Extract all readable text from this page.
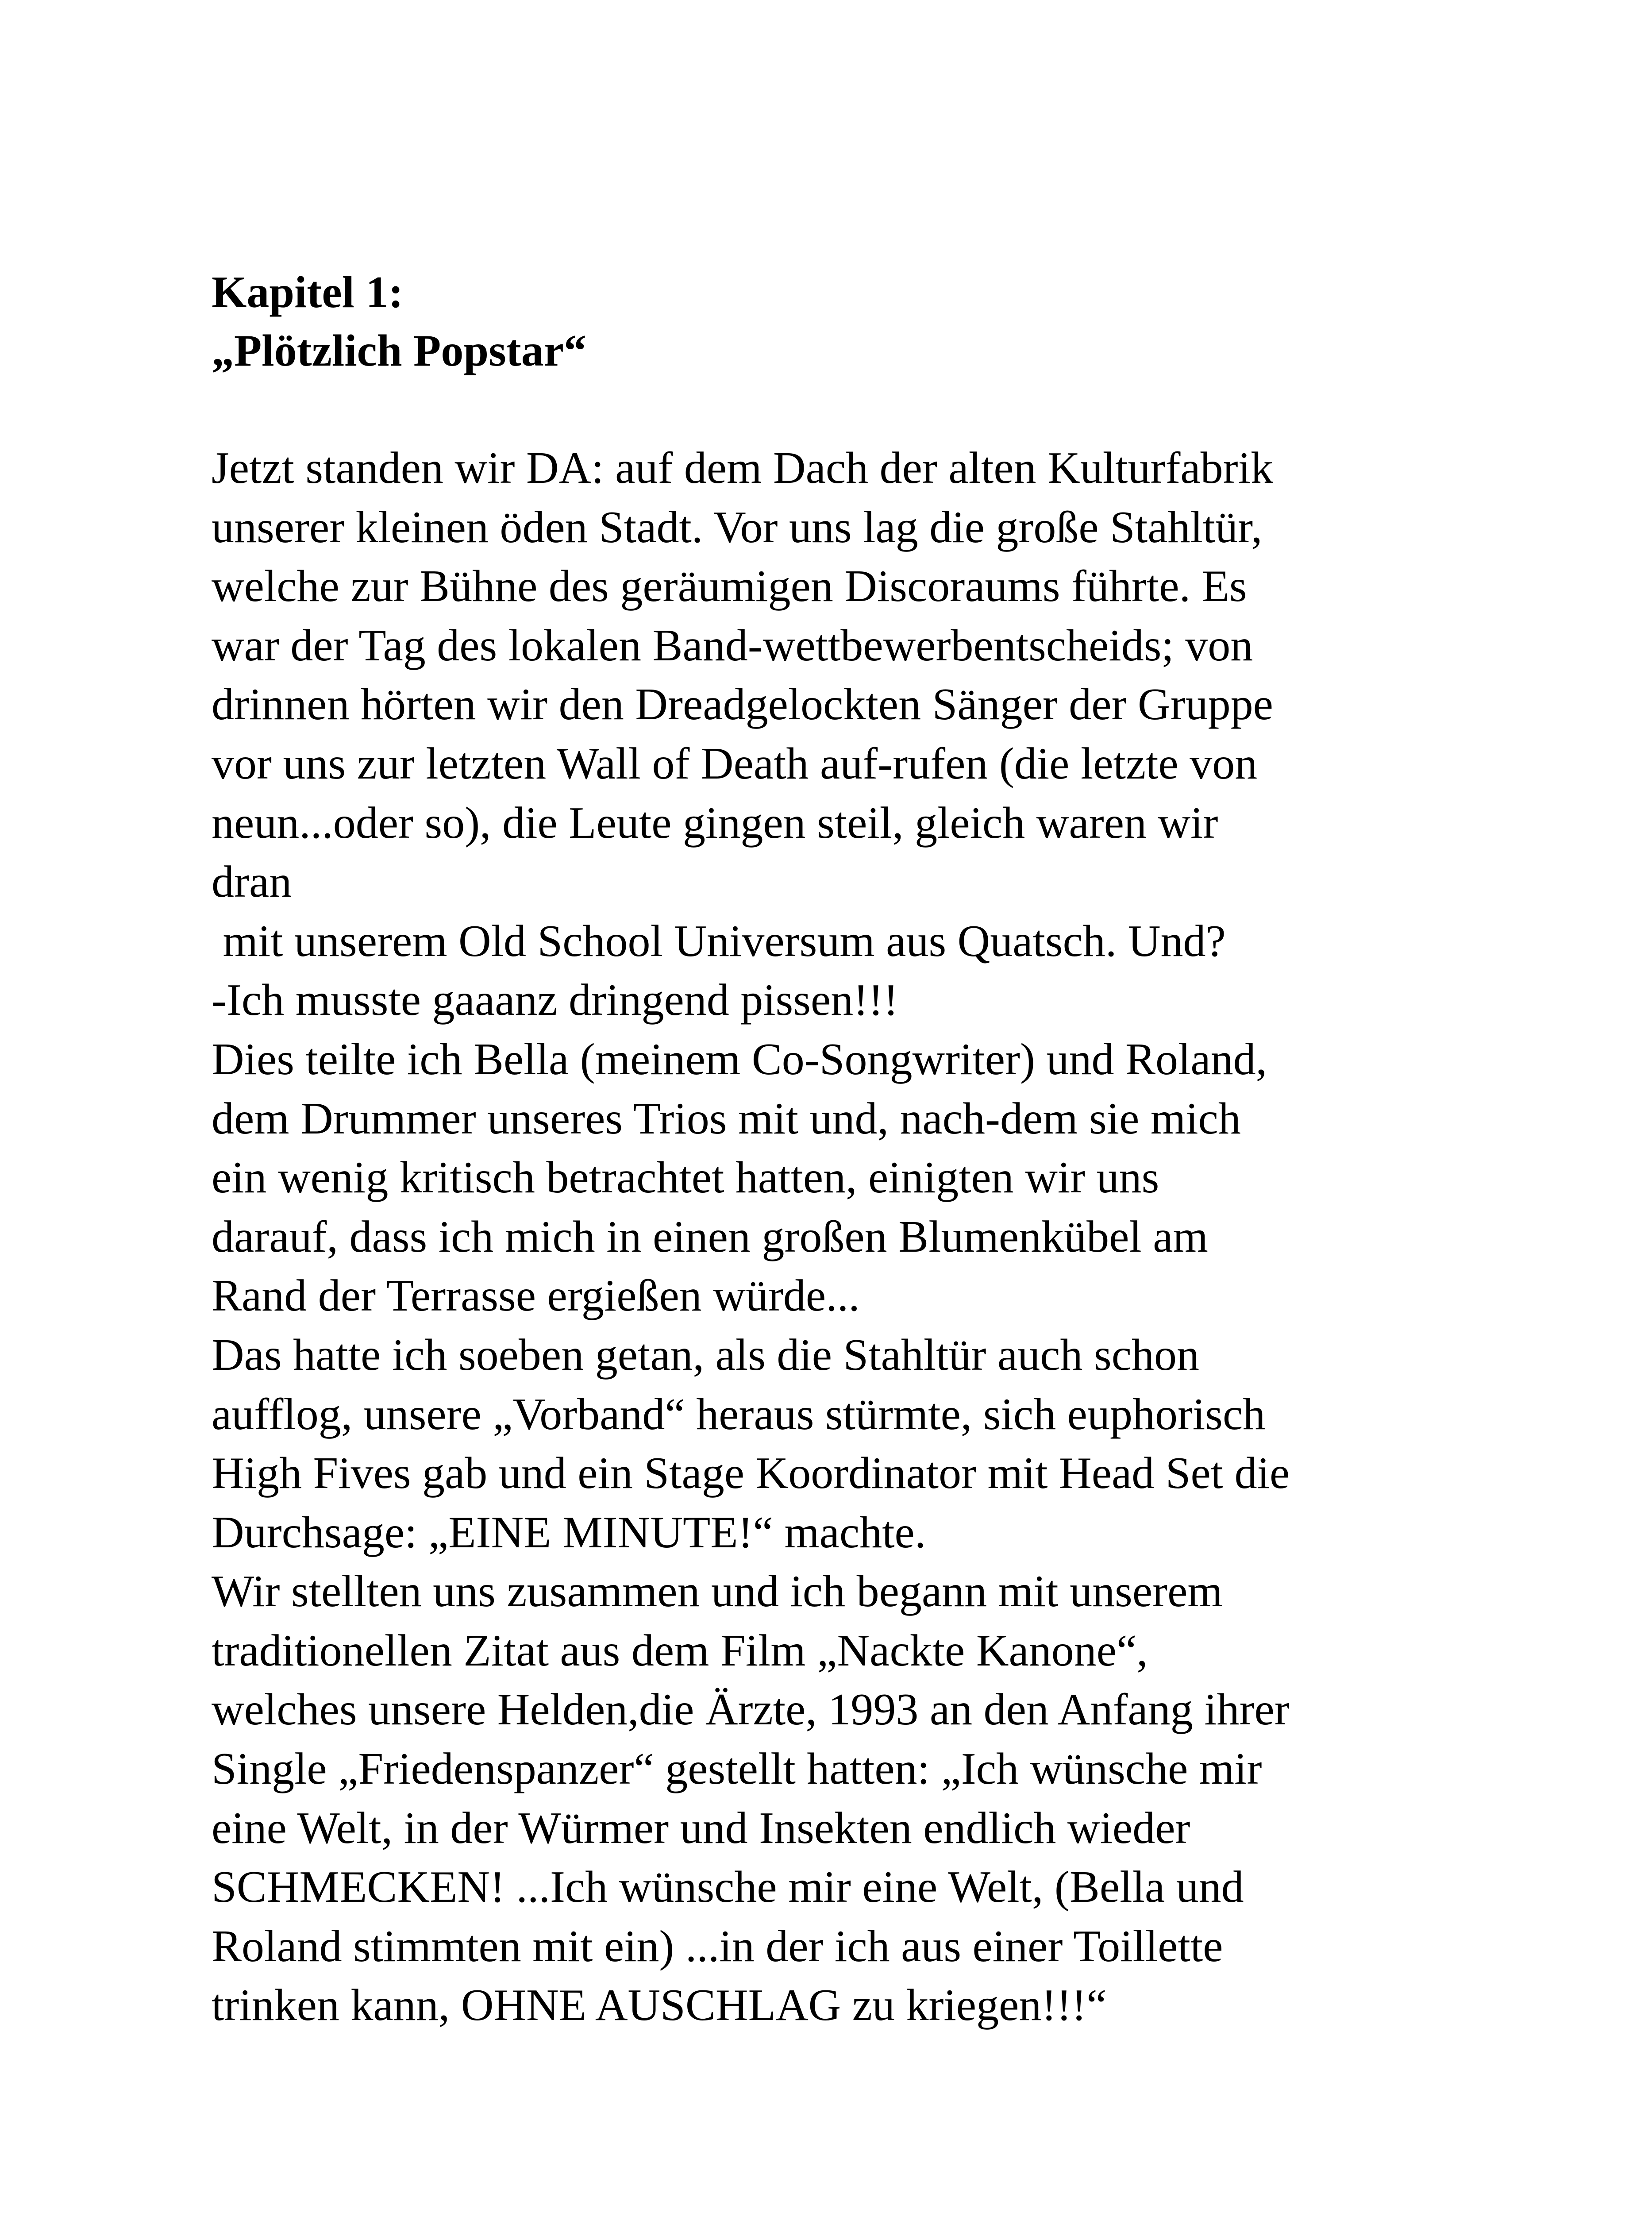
Kapitel 1:
„Plötzlich Popstar“
Jetzt standen wir DA: auf dem Dach der alten Kulturfabrik
unserer kleinen öden Stadt. Vor uns lag die große Stahltür,
welche zur Bühne des geräumigen Discoraums führte. Es
war der Tag des lokalen Band-wettbewerbentscheids; von
drinnen hörten wir den Dreadgelockten Sänger der Gruppe
vor uns zur letzten Wall of Death auf-rufen (die letzte von
neun...oder so), die Leute gingen steil, gleich waren wir
dran
mit unserem Old School Universum aus Quatsch. Und?
-Ich musste gaaanz dringend pissen!!!
Dies teilte ich Bella (meinem Co-Songwriter) und Roland,
dem Drummer unseres Trios mit und, nach-dem sie mich
ein wenig kritisch betrachtet hatten, einigten wir uns
darauf, dass ich mich in einen großen Blumenkübel am
Rand der Terrasse ergießen würde...
Das hatte ich soeben getan, als die Stahltür auch schon
aufflog, unsere „Vorband“ heraus stürmte, sich euphorisch
High Fives gab und ein Stage Koordinator mit Head Set die
Durchsage: „EINE MINUTE!“ machte.
Wir stellten uns zusammen und ich begann mit unserem
traditionellen Zitat aus dem Film „Nackte Kanone“,
welches unsere Helden,die Ärzte, 1993 an den Anfang ihrer
Single „Friedenspanzer“ gestellt hatten: „Ich wünsche mir
eine Welt, in der Würmer und Insekten endlich wieder
SCHMECKEN! ...Ich wünsche mir eine Welt, (Bella und
Roland stimmten mit ein) ...in der ich aus einer Toillette
trinken kann, OHNE AUSCHLAG zu kriegen!!!“
